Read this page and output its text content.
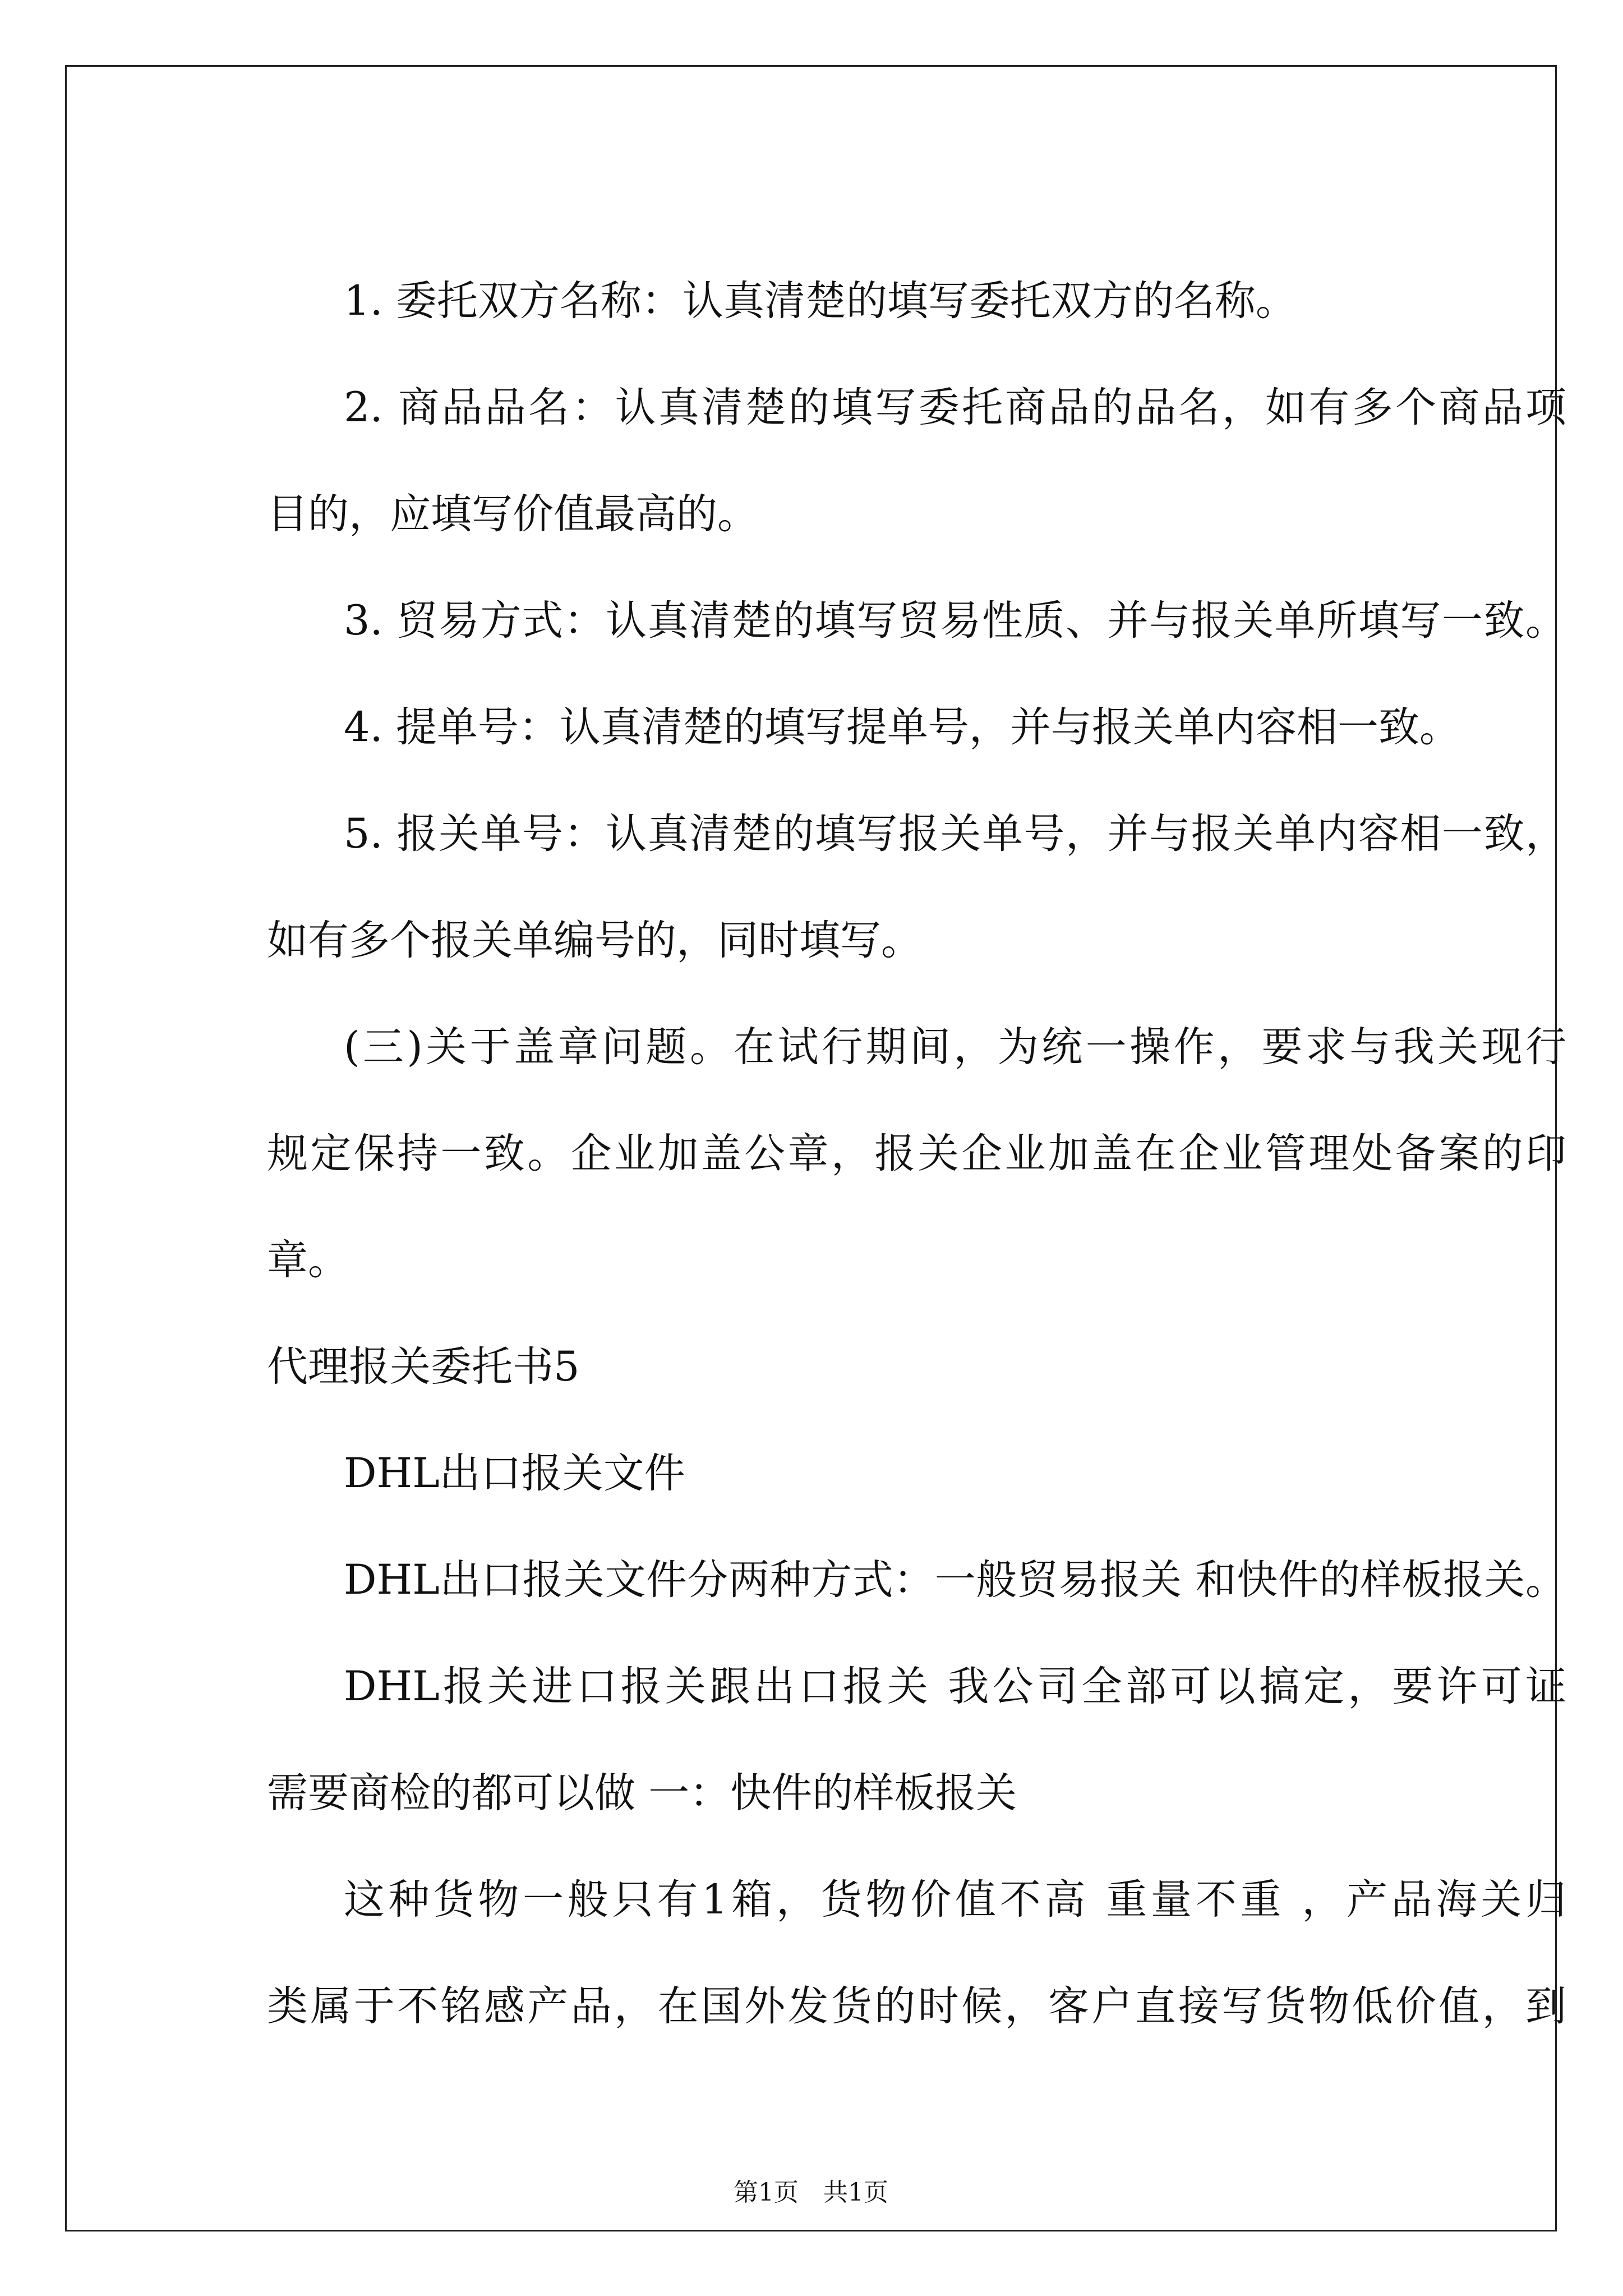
1. 委托双方名称：认真清楚的填写委托双方的名称。
2. 商品品名：认真清楚的填写委托商品的品名，如有多个商品项
目的，应填写价值最高的。
3. 贸易方式：认真清楚的填写贸易性质、并与报关单所填写一致。
4. 提单号：认真清楚的填写提单号，并与报关单内容相一致。
5. 报关单号：认真清楚的填写报关单号，并与报关单内容相一致，
如有多个报关单编号的，同时填写。
(三)关于盖章问题。在试行期间，为统一操作，要求与我关现行
规定保持一致。企业加盖公章，报关企业加盖在企业管理处备案的印
章。
代理报关委托书5
DHL出口报关文件
DHL出口报关文件分两种方式：一般贸易报关 和快件的样板报关。
DHL报关进口报关跟出口报关 我公司全部可以搞定，要许可证
需要商检的都可以做 一：快件的样板报关
这种货物一般只有1箱，货物价值不高 重量不重 ，产品海关归
类属于不铭感产品，在国外发货的时候，客户直接写货物低价值，到
第1页 共1页
